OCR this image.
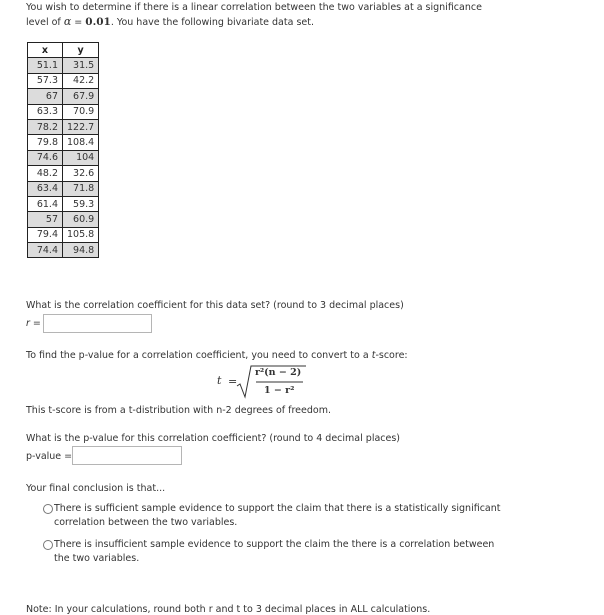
You wish to determine if there is a linear correlation between the two variables at a significance level of α = 0.01. You have the following bivariate data set.
x	y
51.1	31.5
57.3	42.2
67	67.9
63.3	70.9
78.2	122.7
79.8	108.4
74.6	104
48.2	32.6
63.4	71.8
61.4	59.3
57	60.9
79.4	105.8
74.4	94.8
What is the correlation coefficient for this data set? (round to 3 decimal places)
r =
To find the p-value for a correlation coefficient, you need to convert to a t-score:
t =
r²(n − 2)
1 − r²
This t-score is from a t-distribution with n-2 degrees of freedom.
What is the p-value for this correlation coefficient? (round to 4 decimal places)
p-value =
Your final conclusion is that...
There is sufficient sample evidence to support the claim that there is a statistically significant correlation between the two variables.
There is insufficient sample evidence to support the claim the there is a correlation between the two variables.
Note: In your calculations, round both r and t to 3 decimal places in ALL calculations.
